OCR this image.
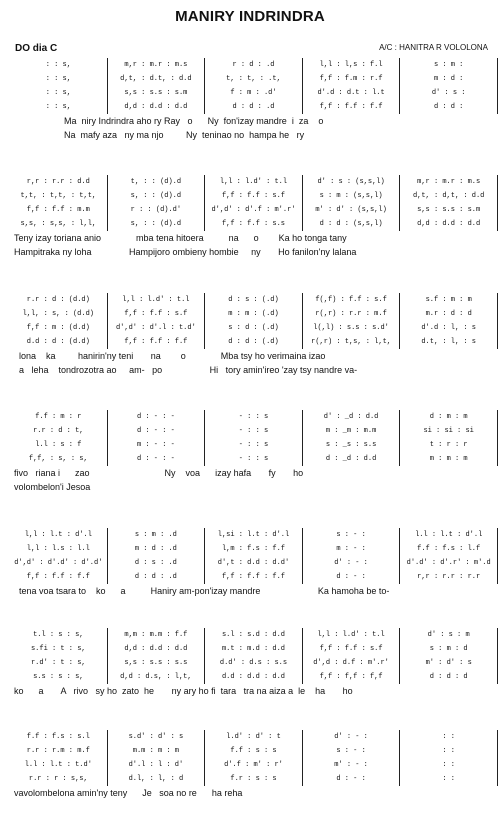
MANIRY INDRINDRA
DO dia C	A/C : HANITRA R VOLOLONA
: : s,	m,r : m.r : m.s	r : d : .d	l,l : l,s : f.l	s : m :
: : s,	d,t, : d.t, : d.d	t, : t, : .t,	f,f : f.m : r.f	m : d :
: : s,	s,s : s.s : s.m	f : m : .d'	d'.d : d.t : l.t	d' : s :
: : s,	d,d : d.d : d.d	d : d : .d	f,f : f.f : f.f	d : d :
Ma  niry Indrindra aho ry Ray   o      Ny  fon'izay mandre  i  za    o
Na  mafy aza   ny ma njo         Ny  teninao no  hampa he   ry
r,r : r.r : d.d	t, : : (d).d	l,l : l.d' : t.l	d' : s : (s,s,l)	m,r : m.r : m.s
t,t, : t,t, : t,t,	s, : : (d).d	f,f : f.f : s.f	s : m : (s,s,l)	d,t, : d,t, : d.d
f,f : f.f : m.m	r : : (d).d'	d',d' : d'.f : m'.r'	m' : d' : (s,s,l)	s,s : s.s : s.m
s,s, : s,s, : l,l,	s, : : (d).d	f,f : f.f : s.s	d : d : (s,s,l)	d,d : d.d : d.d
Teny izay toriana anio              mba tena hitoera          na      o        Ka ho tonga tany
Hampitraka ny loha               Hampijoro ombieny hombie     ny       Ho fanilon'ny lalana
r.r : d : (d.d)	l,l : l.d' : t.l	d : s : (.d)	f(,f) : f.f : s.f	s.f : m : m
l,l, : s, : (d.d)	f,f : f.f : s.f	m : m : (.d)	r(,r) : r.r : m.f	m.r : d : d
f,f : m : (d.d)	d',d' : d'.l : t.d'	s : d : (.d)	l(,l) : s.s : s.d'	d'.d : l, : s
d.d : d : (d.d)	f,f : f.f : f.f	d : d : (.d)	r(,r) : t,s, : l,t,	d.t, : l, : s
lona    ka         hanirin'ny teni       na        o              Mba tsy ho verimaina izao
a   leha    tondrozotra ao     am-   po                   Hi   tory amin'ireo 'zay tsy nandre va-
f.f : m : r	d : - : -	- : : s	d' : _d : d.d	d : m : m
r.r : d : t,	d : - : -	- : : s	m : _m : m.m	si : si : si
l.l : s : f	m : - : -	- : : s	s : _s : s.s	t : r : r
f,f, : s, : s,	d : - : -	- : : s	d : _d : d.d	m : m : m
fivo   riana i      zao                              Ny    voa      izay hafa       fy       ho
volombelon'i Jesoa
l,l : l.t : d'.l	s : m : .d	l,si : l.t : d'.l	s : - :	l.l : l.t : d'.l
l,l : l.s : l.l	m : d : .d	l,m : f.s : f.f	m : - :	f.f : f.s : l.f
d',d' : d'.d' : d'.d'	d : s : .d	d',t : d.d : d.d'	d' : - :	d'.d' : d'.r' : m'.d
f,f : f.f : f.f	d : d : .d	f,f : f.f : f.f	d : - :	r,r : r.r : r.r
tena voa tsara to    ko      a          Haniry am-pon'izay mandre                       Ka hamoha be to-
t.l : s : s,	m,m : m.m : f.f	s.l : s.d : d.d	l,l : l.d' : t.l	d' : s : m
s.fi : t : s,	d,d : d.d : d.d	m.t : m.d : d.d	f,f : f.f : s.f	s : m : d
r.d' : t : s,	s,s : s.s : s.s	d.d' : d.s : s.s	d',d : d.f : m'.r'	m' : d' : s
s.s : s : s,	d,d : d.s, : l,t,	d.d : d.d : d.d	f,f : f,f : f,f	d : d : d
ko      a       A   rivo   sy ho  zato  he       ny ary ho fi  tara   tra na aiza a  le    ha       ho
f.f : f.s : s.l	s.d' : d' : s	l.d' : d' : t	d' : - :	: :
r.r : r.m : m.f	m.m : m : m	f.f : s : s	s : - :	: :
l.l : l.t : t.d'	d'.l : l : d'	d'.f : m' : r'	m' : - :	: :
r.r : r : s,s,	d.l, : l, : d	f.r : s : s	d : - :	: :
vavolombelona amin'ny teny      Je   soa no re      ha reha
